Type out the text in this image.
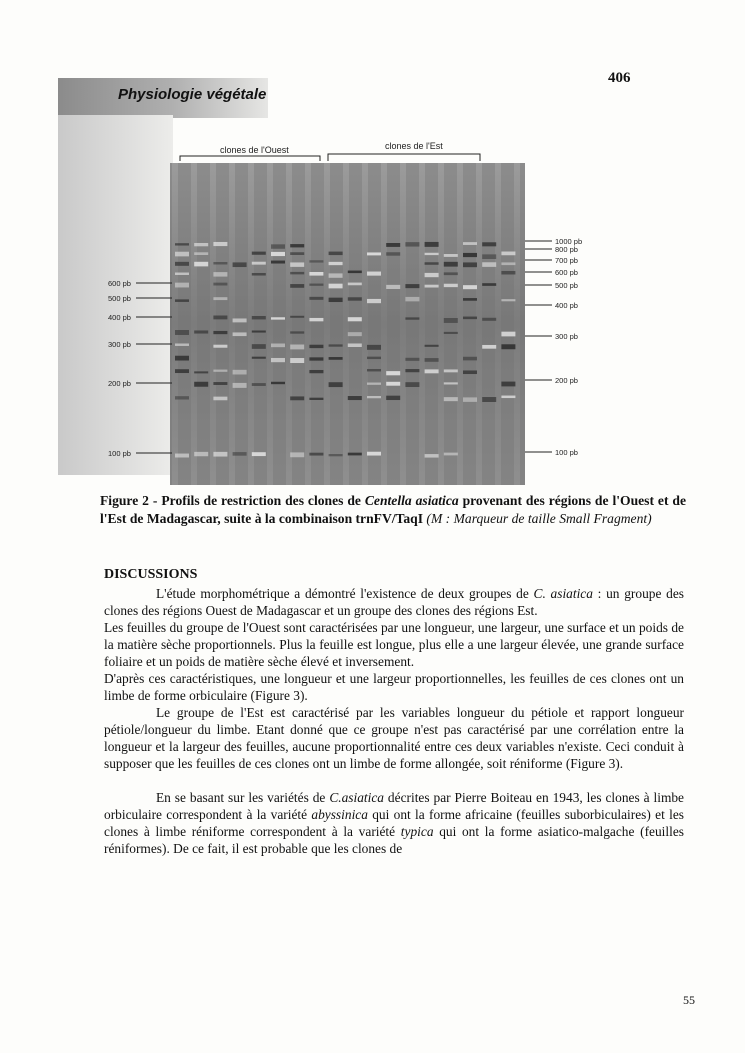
406
Physiologie végétale
clones de l'Ouest	clones de l'Est
600 pb
500 pb
400 pb
300 pb
200 pb
100 pb
1000 pb
800 pb
700 pb
600 pb
500 pb
400 pb
300 pb
200 pb
100 pb
Figure 2 - Profils de restriction des clones de Centella asiatica provenant des régions de l'Ouest et de l'Est de Madagascar, suite à la combinaison trnFV/TaqI (M : Marqueur de taille Small Fragment)
DISCUSSIONS

L'étude morphométrique a démontré l'existence de deux groupes de C. asiatica : un groupe des clones des régions Ouest de Madagascar et un groupe des clones des régions Est.

Les feuilles du groupe de l'Ouest sont caractérisées par une longueur, une largeur, une surface et un poids de la matière sèche proportionnels. Plus la feuille est longue, plus elle a une largeur élevée, une grande surface foliaire et un poids de matière sèche élevé et inversement.

D'après ces caractéristiques, une longueur et une largeur proportionnelles, les feuilles de ces clones ont un limbe de forme orbiculaire (Figure 3).

Le groupe de l'Est est caractérisé par les variables longueur du pétiole et rapport longueur pétiole/longueur du limbe. Etant donné que ce groupe n'est pas caractérisé par une corrélation entre la longueur et la largeur des feuilles, aucune proportionnalité entre ces deux variables n'existe. Ceci conduit à supposer que les feuilles de ces clones ont un limbe de forme allongée, soit réniforme (Figure 3).

En se basant sur les variétés de C.asiatica décrites par Pierre Boiteau en 1943, les clones à limbe orbiculaire correspondent à la variété abyssinica qui ont la forme africaine (feuilles suborbiculaires) et les clones à limbe réniforme correspondent à la variété typica qui ont la forme asiatico-malgache (feuilles réniformes). De ce fait, il est probable que les clones de

55
